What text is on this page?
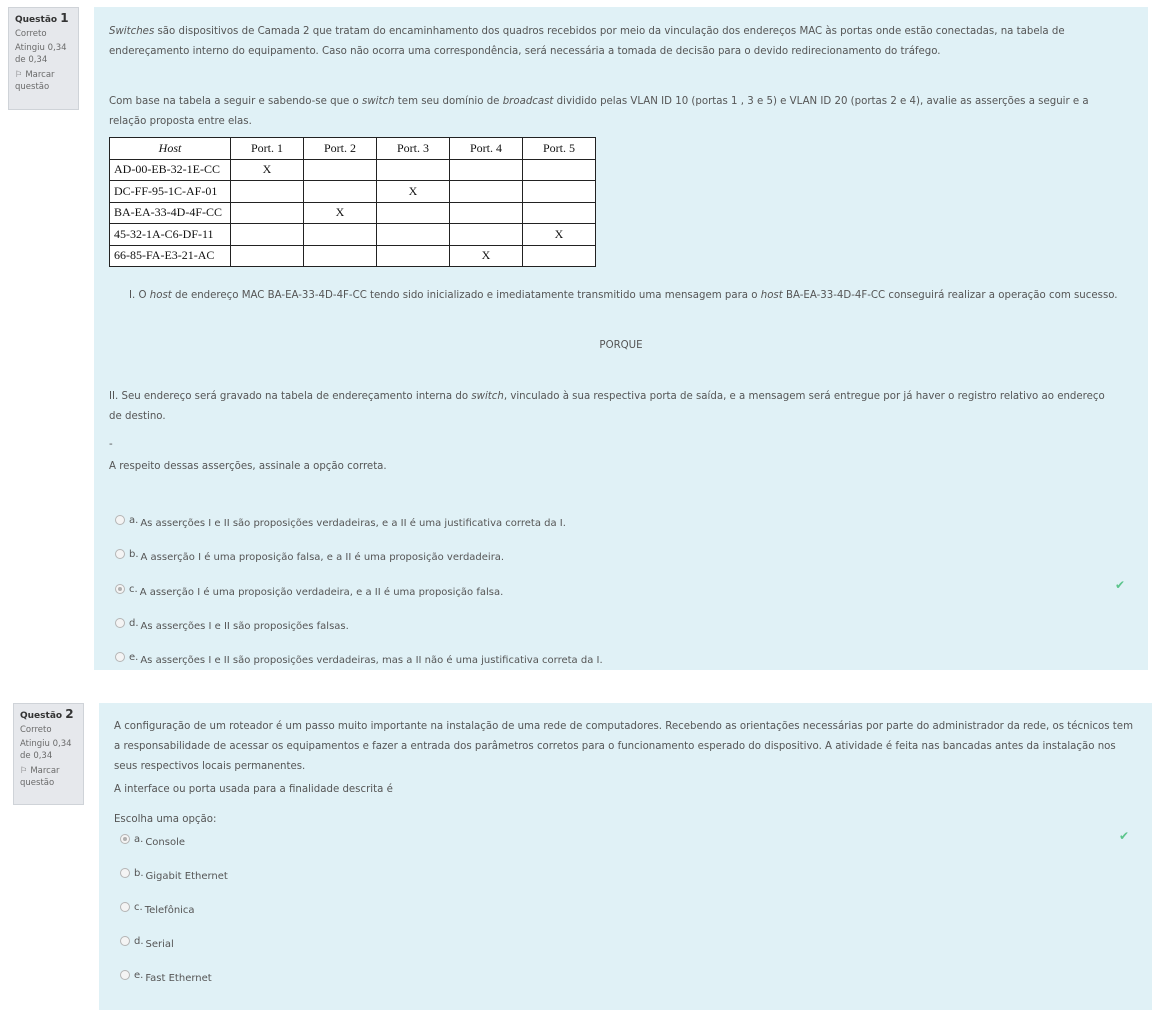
Questão 1
Correto
Atingiu 0,34 de 0,34
⚐ Marcar questão

Switches são dispositivos de Camada 2 que tratam do encaminhamento dos quadros recebidos por meio da vinculação dos endereços MAC às portas onde estão conectadas, na tabela de endereçamento interno do equipamento. Caso não ocorra uma correspondência, será necessária a tomada de decisão para o devido redirecionamento do tráfego.

Com base na tabela a seguir e sabendo-se que o switch tem seu domínio de broadcast dividido pelas VLAN ID 10 (portas 1 , 3 e 5) e VLAN ID 20 (portas 2 e 4), avalie as asserções a seguir e a relação proposta entre elas.

Host	Port. 1	Port. 2	Port. 3	Port. 4	Port. 5
AD-00-EB-32-1E-CC	X				
DC-FF-95-1C-AF-01			X		
BA-EA-33-4D-4F-CC		X			
45-32-1A-C6-DF-11					X
66-85-FA-E3-21-AC				X	

I. O host de endereço MAC BA-EA-33-4D-4F-CC tendo sido inicializado e imediatamente transmitido uma mensagem para o host BA-EA-33-4D-4F-CC conseguirá realizar a operação com sucesso.

PORQUE

II. Seu endereço será gravado na tabela de endereçamento interna do switch, vinculado à sua respectiva porta de saída, e a mensagem será entregue por já haver o registro relativo ao endereço de destino.

-

A respeito dessas asserções, assinale a opção correta.

a. As asserções I e II são proposições verdadeiras, e a II é uma justificativa correta da I.
b. A asserção I é uma proposição falsa, e a II é uma proposição verdadeira.
c. A asserção I é uma proposição verdadeira, e a II é uma proposição falsa.
d. As asserções I e II são proposições falsas.
e. As asserções I e II são proposições verdadeiras, mas a II não é uma justificativa correta da I.
✔
Questão 2
Correto
Atingiu 0,34 de 0,34
⚐ Marcar questão

A configuração de um roteador é um passo muito importante na instalação de uma rede de computadores. Recebendo as orientações necessárias por parte do administrador da rede, os técnicos tem a responsabilidade de acessar os equipamentos e fazer a entrada dos parâmetros corretos para o funcionamento esperado do dispositivo. A atividade é feita nas bancadas antes da instalação nos seus respectivos locais permanentes.

A interface ou porta usada para a finalidade descrita é

Escolha uma opção:

a. Console
b. Gigabit Ethernet
c. Telefônica
d. Serial
e. Fast Ethernet
✔
